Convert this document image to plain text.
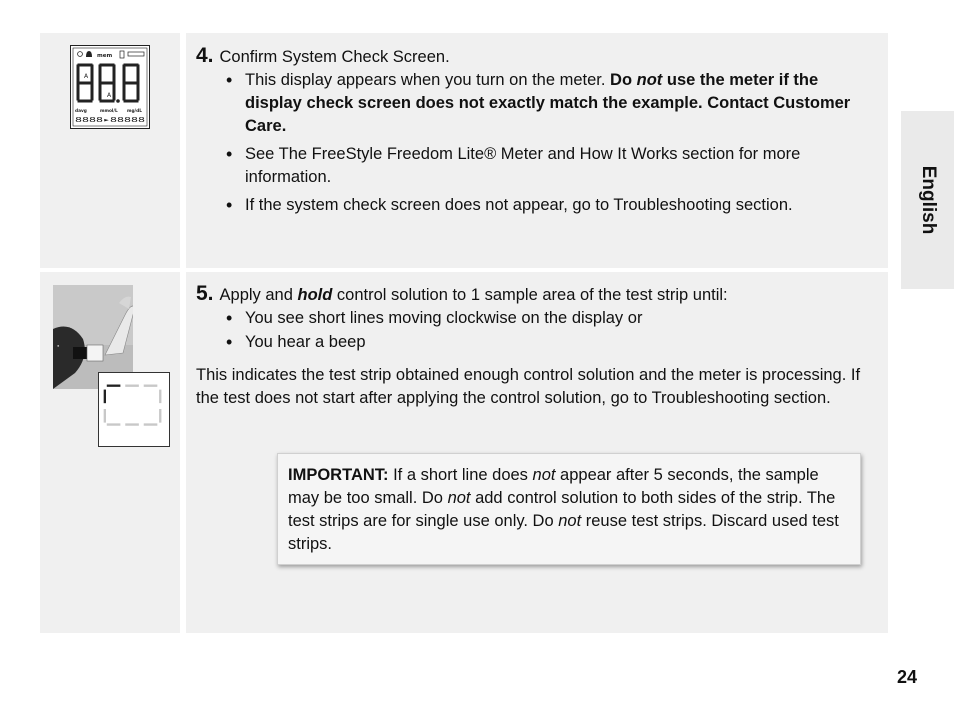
mem
A
A
davg	mmol/L mg/dL
8888▸88888
●
4. Confirm System Check Screen.
• This display appears when you turn on the meter. Do not use the meter if the display check screen does not exactly match the example. Contact Customer Care.
• See The FreeStyle Freedom Lite® Meter and How It Works section for more information.
• If the system check screen does not appear, go to Troubleshooting section.
5. Apply and hold control solution to 1 sample area of the test strip until:
• You see short lines moving clockwise on the display or
• You hear a beep
This indicates the test strip obtained enough control solution and the meter is processing. If the test does not start after applying the control solution, go to Troubleshooting section.
IMPORTANT: If a short line does not appear after 5 seconds, the sample may be too small. Do not add control solution to both sides of the strip. The test strips are for single use only. Do not reuse test strips. Discard used test strips.
English
24
